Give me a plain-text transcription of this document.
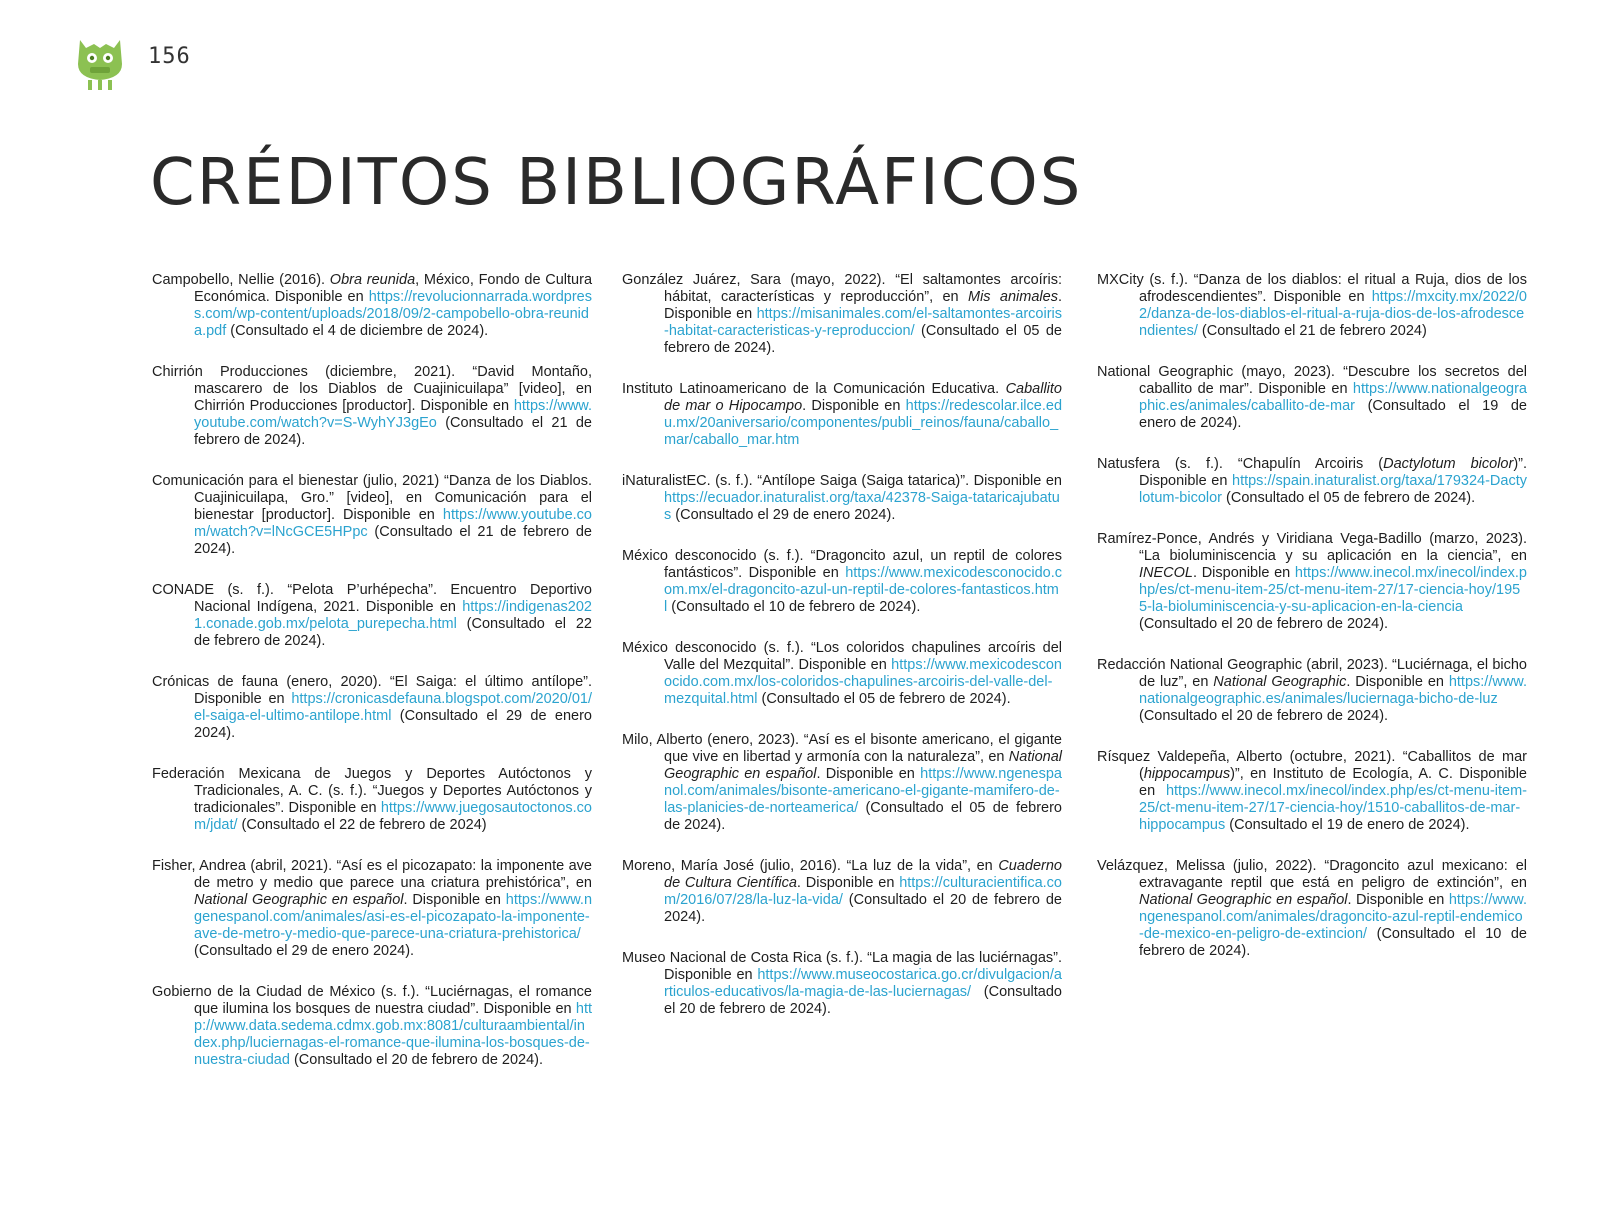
156
CRÉDITOS BIBLIOGRÁFICOS

Campobello, Nellie (2016). Obra reunida, México, Fondo de Cultura Económica. Disponible en https://revolucionnarrada.wordpress.com/wp-content/uploads/2018/09/2-campobello-obra-reunida.pdf (Consultado el 4 de diciembre de 2024).

Chirrión Producciones (diciembre, 2021). “David Montaño, mascarero de los Diablos de Cuajinicuilapa” [video], en Chirrión Producciones [productor]. Disponible en https://www.youtube.com/watch?v=S-WyhYJ3gEo (Consultado el 21 de febrero de 2024).

Comunicación para el bienestar (julio, 2021) “Danza de los Diablos. Cuajinicuilapa, Gro.” [video], en Comunicación para el bienestar [productor]. Disponible en https://www.youtube.com/watch?v=lNcGCE5HPpc (Consultado el 21 de febrero de 2024).

CONADE (s. f.). “Pelota P’urhépecha”. Encuentro Deportivo Nacional Indígena, 2021. Disponible en https://indigenas2021.conade.gob.mx/pelota_purepecha.html (Consultado el 22 de febrero de 2024).

Crónicas de fauna (enero, 2020). “El Saiga: el último antílope”. Disponible en https://cronicasdefauna.blogspot.com/2020/01/el-saiga-el-ultimo-antilope.html (Consultado el 29 de enero 2024).

Federación Mexicana de Juegos y Deportes Autóctonos y Tradicionales, A. C. (s. f.). “Juegos y Deportes Autóctonos y tradicionales”. Disponible en https://www.juegosautoctonos.com/jdat/ (Consultado el 22 de febrero de 2024)

Fisher, Andrea (abril, 2021). “Así es el picozapato: la imponente ave de metro y medio que parece una criatura prehistórica”, en National Geographic en español. Disponible en https://www.ngenespanol.com/animales/asi-es-el-picozapato-la-imponente-ave-de-metro-y-medio-que-parece-una-criatura-prehistorica/ (Consultado el 29 de enero 2024).

Gobierno de la Ciudad de México (s. f.). “Luciérnagas, el romance que ilumina los bosques de nuestra ciudad”. Disponible en http://www.data.sedema.cdmx.gob.mx:8081/culturaambiental/index.php/luciernagas-el-romance-que-ilumina-los-bosques-de-nuestra-ciudad (Consultado el 20 de febrero de 2024).

González Juárez, Sara (mayo, 2022). “El saltamontes arcoíris: hábitat, características y reproducción”, en Mis animales. Disponible en https://misanimales.com/el-saltamontes-arcoiris-habitat-caracteristicas-y-reproduccion/ (Consultado el 05 de febrero de 2024).

Instituto Latinoamericano de la Comunicación Educativa. Caballito de mar o Hipocampo. Disponible en https://redescolar.ilce.edu.mx/20aniversario/componentes/publi_reinos/fauna/caballo_mar/caballo_mar.htm

iNaturalistEC. (s. f.). “Antílope Saiga (Saiga tatarica)”. Disponible en https://ecuador.inaturalist.org/taxa/42378-Saiga-tataricajubatus (Consultado el 29 de enero 2024).

México desconocido (s. f.). “Dragoncito azul, un reptil de colores fantásticos”. Disponible en https://www.mexicodesconocido.com.mx/el-dragoncito-azul-un-reptil-de-colores-fantasticos.html (Consultado el 10 de febrero de 2024).

México desconocido (s. f.). “Los coloridos chapulines arcoíris del Valle del Mezquital”. Disponible en https://www.mexicodesconocido.com.mx/los-coloridos-chapulines-arcoiris-del-valle-del-mezquital.html (Consultado el 05 de febrero de 2024).

Milo, Alberto (enero, 2023). “Así es el bisonte americano, el gigante que vive en libertad y armonía con la naturaleza”, en National Geographic en español. Disponible en https://www.ngenespanol.com/animales/bisonte-americano-el-gigante-mamifero-de-las-planicies-de-norteamerica/ (Consultado el 05 de febrero de 2024).

Moreno, María José (julio, 2016). “La luz de la vida”, en Cuaderno de Cultura Científica. Disponible en https://culturacientifica.com/2016/07/28/la-luz-la-vida/ (Consultado el 20 de febrero de 2024).

Museo Nacional de Costa Rica (s. f.). “La magia de las luciérnagas”. Disponible en https://www.museocostarica.go.cr/divulgacion/articulos-educativos/la-magia-de-las-luciernagas/ (Consultado el 20 de febrero de 2024).

MXCity (s. f.). “Danza de los diablos: el ritual a Ruja, dios de los afrodescendientes”. Disponible en https://mxcity.mx/2022/02/danza-de-los-diablos-el-ritual-a-ruja-dios-de-los-afrodescendientes/ (Consultado el 21 de febrero 2024)

National Geographic (mayo, 2023). “Descubre los secretos del caballito de mar”. Disponible en https://www.nationalgeographic.es/animales/caballito-de-mar (Consultado el 19 de enero de 2024).

Natusfera (s. f.). “Chapulín Arcoiris (Dactylotum bicolor)”. Disponible en https://spain.inaturalist.org/taxa/179324-Dactylotum-bicolor (Consultado el 05 de febrero de 2024).

Ramírez-Ponce, Andrés y Viridiana Vega-Badillo (marzo, 2023). “La bioluminiscencia y su aplicación en la ciencia”, en INECOL. Disponible en https://www.inecol.mx/inecol/index.php/es/ct-menu-item-25/ct-menu-item-27/17-ciencia-hoy/1955-la-bioluminiscencia-y-su-aplicacion-en-la-ciencia (Consultado el 20 de febrero de 2024).

Redacción National Geographic (abril, 2023). “Luciérnaga, el bicho de luz”, en National Geographic. Disponible en https://www.nationalgeographic.es/animales/luciernaga-bicho-de-luz (Consultado el 20 de febrero de 2024).

Rísquez Valdepeña, Alberto (octubre, 2021). “Caballitos de mar (hippocampus)”, en Instituto de Ecología, A. C. Disponible en https://www.inecol.mx/inecol/index.php/es/ct-menu-item-25/ct-menu-item-27/17-ciencia-hoy/1510-caballitos-de-mar-hippocampus (Consultado el 19 de enero de 2024).

Velázquez, Melissa (julio, 2022). “Dragoncito azul mexicano: el extravagante reptil que está en peligro de extinción”, en National Geographic en español. Disponible en https://www.ngenespanol.com/animales/dragoncito-azul-reptil-endemico-de-mexico-en-peligro-de-extincion/ (Consultado el 10 de febrero de 2024).
